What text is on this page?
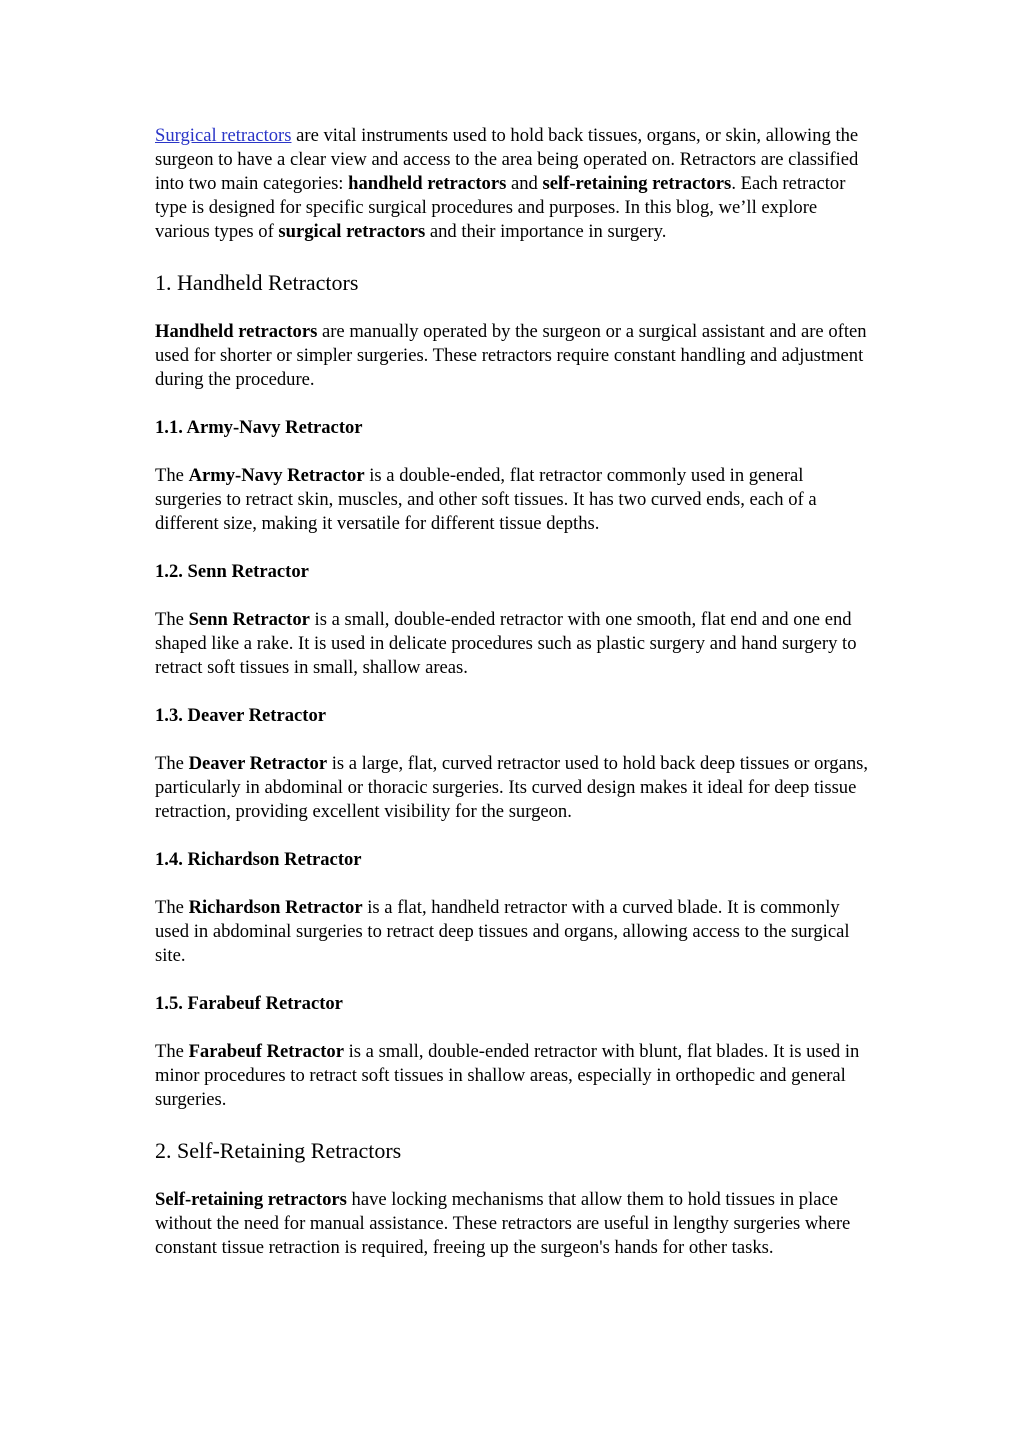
Surgical retractors are vital instruments used to hold back tissues, organs, or skin, allowing the surgeon to have a clear view and access to the area being operated on. Retractors are classified into two main categories: handheld retractors and self-retaining retractors. Each retractor type is designed for specific surgical procedures and purposes. In this blog, we’ll explore various types of surgical retractors and their importance in surgery.

1. Handheld Retractors

Handheld retractors are manually operated by the surgeon or a surgical assistant and are often used for shorter or simpler surgeries. These retractors require constant handling and adjustment during the procedure.

1.1. Army-Navy Retractor

The Army-Navy Retractor is a double-ended, flat retractor commonly used in general surgeries to retract skin, muscles, and other soft tissues. It has two curved ends, each of a different size, making it versatile for different tissue depths.

1.2. Senn Retractor

The Senn Retractor is a small, double-ended retractor with one smooth, flat end and one end shaped like a rake. It is used in delicate procedures such as plastic surgery and hand surgery to retract soft tissues in small, shallow areas.

1.3. Deaver Retractor

The Deaver Retractor is a large, flat, curved retractor used to hold back deep tissues or organs, particularly in abdominal or thoracic surgeries. Its curved design makes it ideal for deep tissue retraction, providing excellent visibility for the surgeon.

1.4. Richardson Retractor

The Richardson Retractor is a flat, handheld retractor with a curved blade. It is commonly used in abdominal surgeries to retract deep tissues and organs, allowing access to the surgical site.

1.5. Farabeuf Retractor

The Farabeuf Retractor is a small, double-ended retractor with blunt, flat blades. It is used in minor procedures to retract soft tissues in shallow areas, especially in orthopedic and general surgeries.

2. Self-Retaining Retractors

Self-retaining retractors have locking mechanisms that allow them to hold tissues in place without the need for manual assistance. These retractors are useful in lengthy surgeries where constant tissue retraction is required, freeing up the surgeon's hands for other tasks.
